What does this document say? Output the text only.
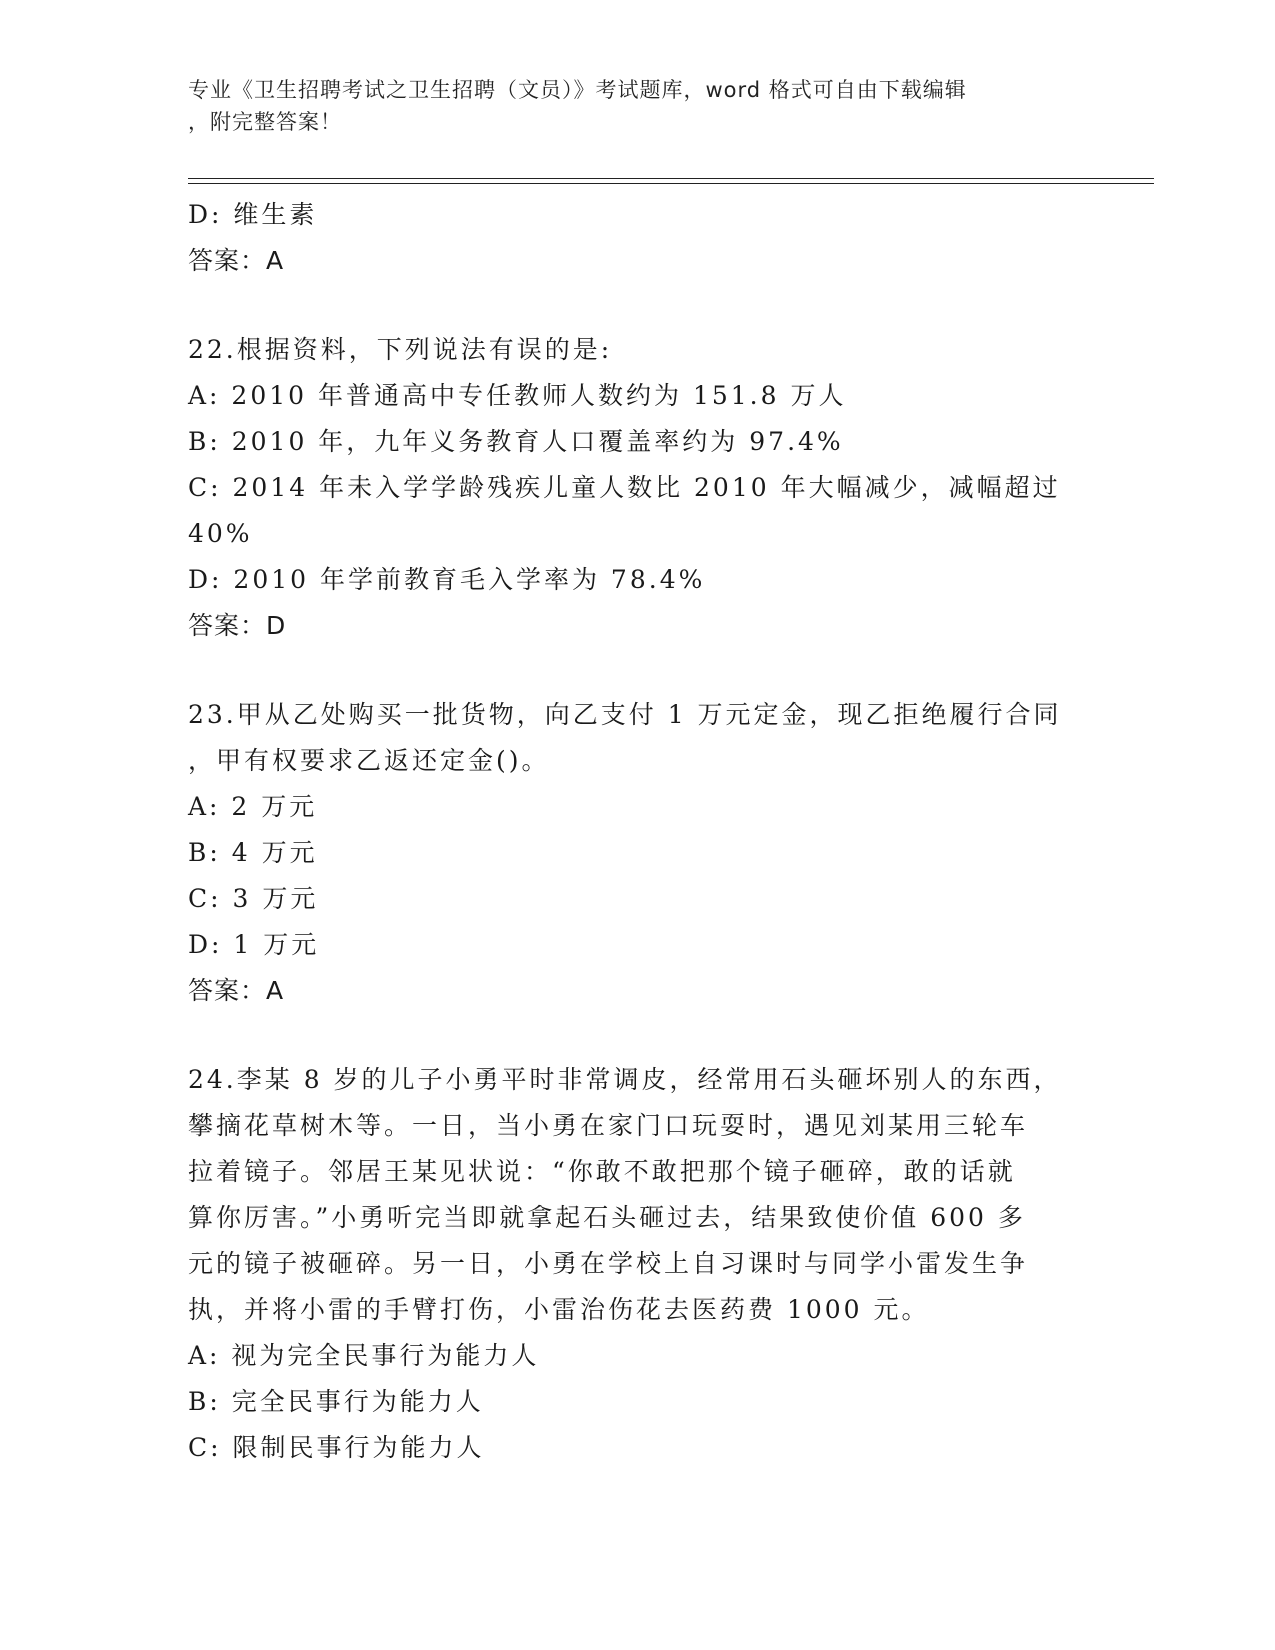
专业《卫生招聘考试之卫生招聘（文员）》考试题库，word 格式可自由下载编辑
，附完整答案！
D: 维生素
答案：A
22.根据资料，下列说法有误的是:
A: 2010 年普通高中专任教师人数约为 151.8 万人
B: 2010 年，九年义务教育人口覆盖率约为 97.4%
C: 2014 年未入学学龄残疾儿童人数比 2010 年大幅减少，减幅超过
40%
D: 2010 年学前教育毛入学率为 78.4%
答案：D
23.甲从乙处购买一批货物，向乙支付 1 万元定金，现乙拒绝履行合同
，甲有权要求乙返还定金()。
A: 2 万元
B: 4 万元
C: 3 万元
D: 1 万元
答案：A
24.李某 8 岁的儿子小勇平时非常调皮，经常用石头砸坏别人的东西，
攀摘花草树木等。一日，当小勇在家门口玩耍时，遇见刘某用三轮车
拉着镜子。邻居王某见状说：“你敢不敢把那个镜子砸碎，敢的话就
算你厉害。”小勇听完当即就拿起石头砸过去，结果致使价值 600 多
元的镜子被砸碎。另一日，小勇在学校上自习课时与同学小雷发生争
执，并将小雷的手臂打伤，小雷治伤花去医药费 1000 元。
A: 视为完全民事行为能力人
B: 完全民事行为能力人
C: 限制民事行为能力人
